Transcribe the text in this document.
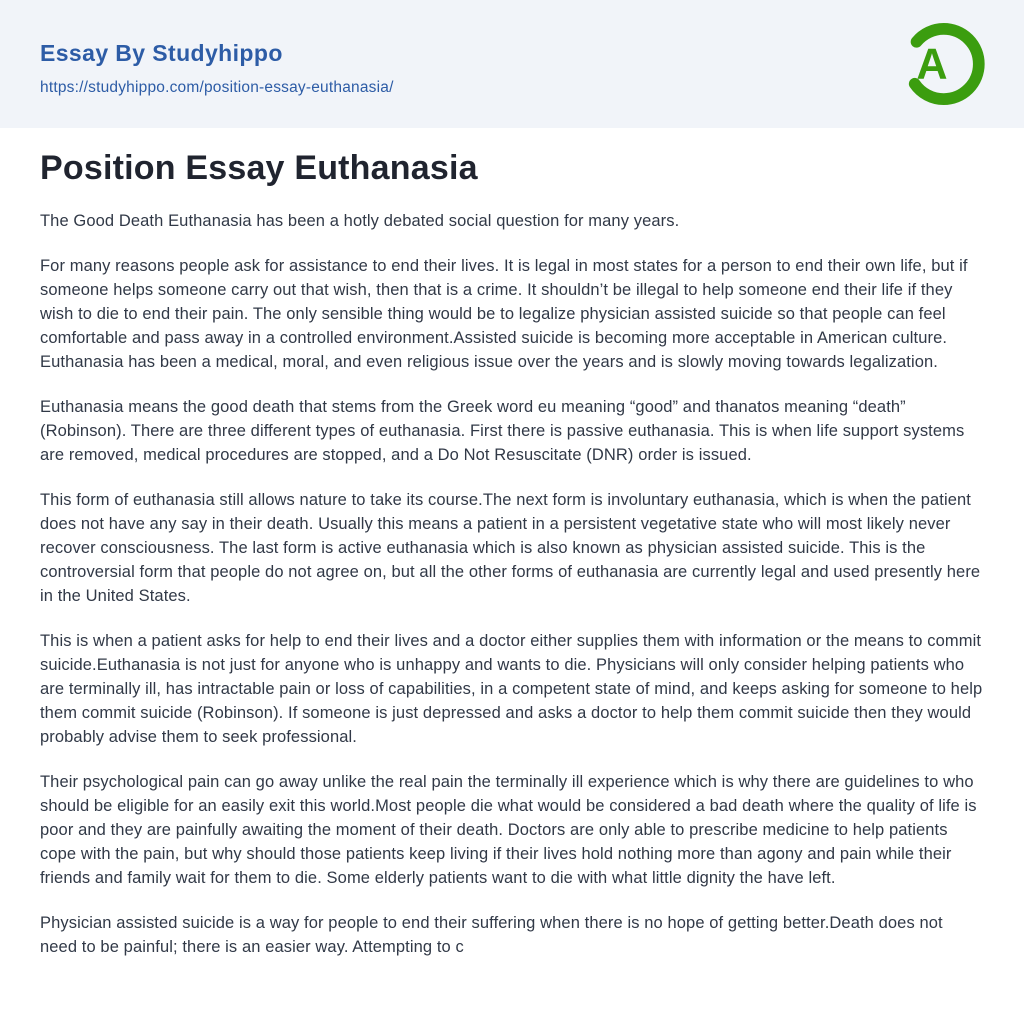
Essay By Studyhippo
https://studyhippo.com/position-essay-euthanasia/	A
Position Essay Euthanasia

The Good Death Euthanasia has been a hotly debated social question for many years.

For many reasons people ask for assistance to end their lives. It is legal in most states for a person to end their own life, but if someone helps someone carry out that wish, then that is a crime. It shouldn’t be illegal to help someone end their life if they wish to die to end their pain. The only sensible thing would be to legalize physician assisted suicide so that people can feel comfortable and pass away in a controlled environment.Assisted suicide is becoming more acceptable in American culture. Euthanasia has been a medical, moral, and even religious issue over the years and is slowly moving towards legalization.

Euthanasia means the good death that stems from the Greek word eu meaning “good” and thanatos meaning “death” (Robinson). There are three different types of euthanasia. First there is passive euthanasia. This is when life support systems are removed, medical procedures are stopped, and a Do Not Resuscitate (DNR) order is issued.

This form of euthanasia still allows nature to take its course.The next form is involuntary euthanasia, which is when the patient does not have any say in their death. Usually this means a patient in a persistent vegetative state who will most likely never recover consciousness. The last form is active euthanasia which is also known as physician assisted suicide. This is the controversial form that people do not agree on, but all the other forms of euthanasia are currently legal and used presently here in the United States.

This is when a patient asks for help to end their lives and a doctor either supplies them with information or the means to commit suicide.Euthanasia is not just for anyone who is unhappy and wants to die. Physicians will only consider helping patients who are terminally ill, has intractable pain or loss of capabilities, in a competent state of mind, and keeps asking for someone to help them commit suicide (Robinson). If someone is just depressed and asks a doctor to help them commit suicide then they would probably advise them to seek professional.

Their psychological pain can go away unlike the real pain the terminally ill experience which is why there are guidelines to who should be eligible for an easily exit this world.Most people die what would be considered a bad death where the quality of life is poor and they are painfully awaiting the moment of their death. Doctors are only able to prescribe medicine to help patients cope with the pain, but why should those patients keep living if their lives hold nothing more than agony and pain while their friends and family wait for them to die. Some elderly patients want to die with what little dignity the have left.

Physician assisted suicide is a way for people to end their suffering when there is no hope of getting better.Death does not need to be painful; there is an easier way. Attempting to c
